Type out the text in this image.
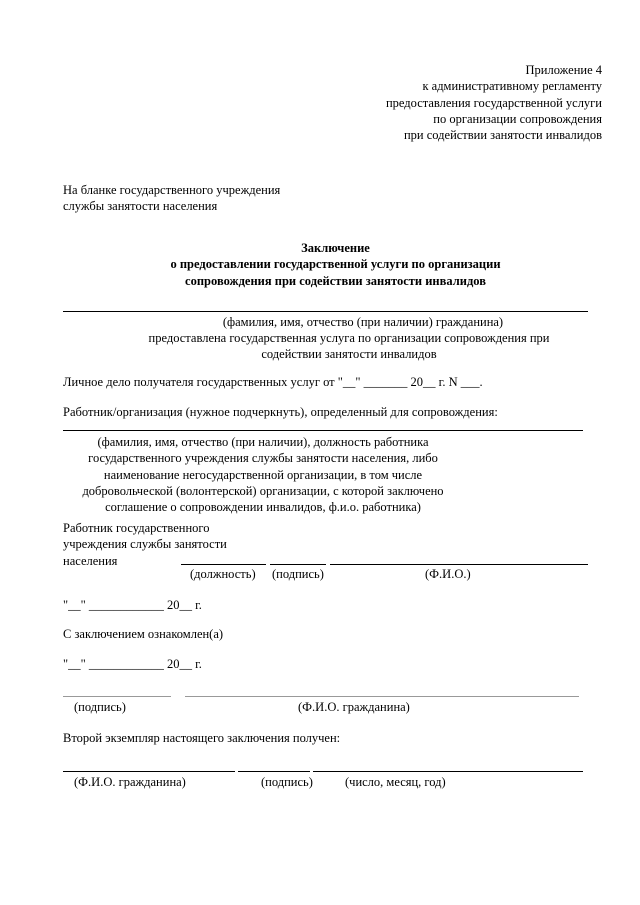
Приложение 4
к административному регламенту
предоставления государственной услуги
по организации сопровождения
при содействии занятости инвалидов
На бланке государственного учреждения
службы занятости населения
Заключение
о предоставлении государственной услуги по организации
сопровождения при содействии занятости инвалидов
(фамилия, имя, отчество (при наличии) гражданина)
предоставлена государственная услуга по организации сопровождения при
содействии занятости инвалидов
Личное дело получателя государственных услуг от "__" _______ 20__ г. N ___.
Работник/организация (нужное подчеркнуть), определенный для сопровождения:
(фамилия, имя, отчество (при наличии), должность работника
государственного учреждения службы занятости населения, либо
наименование негосударственной организации, в том числе
добровольческой (волонтерской) организации, с которой заключено
соглашение о сопровождении инвалидов, ф.и.о. работника)
Работник государственного
учреждения службы занятости
населения
(должность) (подпись)	(Ф.И.О.)
"__" ____________ 20__ г.
С заключением ознакомлен(а)
"__" ____________ 20__ г.
(подпись)	(Ф.И.О. гражданина)
Второй экземпляр настоящего заключения получен:
(Ф.И.О. гражданина)	(подпись)	(число, месяц, год)
